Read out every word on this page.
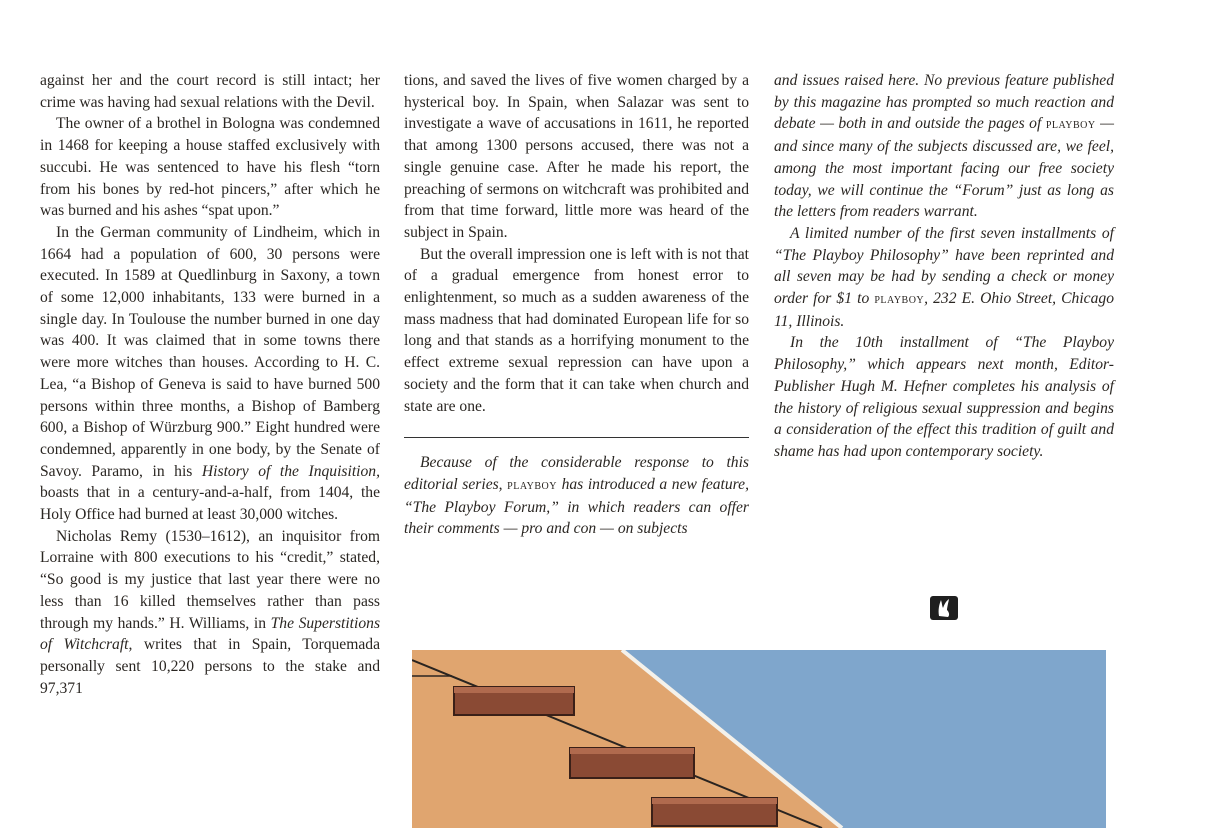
against her and the court record is still intact; her crime was having had sexual relations with the Devil.

The owner of a brothel in Bologna was condemned in 1468 for keeping a house staffed exclusively with succubi. He was sentenced to have his flesh “torn from his bones by red-hot pincers,” after which he was burned and his ashes “spat upon.”

In the German community of Lindheim, which in 1664 had a population of 600, 30 persons were executed. In 1589 at Quedlinburg in Saxony, a town of some 12,000 inhabitants, 133 were burned in a single day. In Toulouse the number burned in one day was 400. It was claimed that in some towns there were more witches than houses. According to H. C. Lea, “a Bishop of Geneva is said to have burned 500 persons within three months, a Bishop of Bamberg 600, a Bishop of Würzburg 900.” Eight hundred were condemned, apparently in one body, by the Senate of Savoy. Paramo, in his History of the Inquisition, boasts that in a century-and-a-half, from 1404, the Holy Office had burned at least 30,000 witches.

Nicholas Remy (1530–1612), an inquisitor from Lorraine with 800 executions to his “credit,” stated, “So good is my justice that last year there were no less than 16 killed themselves rather than pass through my hands.” H. Williams, in The Superstitions of Witchcraft, writes that in Spain, Torquemada personally sent 10,220 persons to the stake and 97,371

tions, and saved the lives of five women charged by a hysterical boy. In Spain, when Salazar was sent to investigate a wave of accusations in 1611, he reported that among 1300 persons accused, there was not a single genuine case. After he made his report, the preaching of sermons on witchcraft was prohibited and from that time forward, little more was heard of the subject in Spain.

But the overall impression one is left with is not that of a gradual emergence from honest error to enlightenment, so much as a sudden awareness of the mass madness that had dominated European life for so long and that stands as a horrifying monument to the effect extreme sexual repression can have upon a society and the form that it can take when church and state are one.

Because of the considerable response to this editorial series, playboy has introduced a new feature, “The Playboy Forum,” in which readers can offer their comments — pro and con — on subjects

and issues raised here. No previous feature published by this magazine has prompted so much reaction and debate — both in and outside the pages of playboy — and since many of the subjects discussed are, we feel, among the most important facing our free society today, we will continue the “Forum” just as long as the letters from readers warrant.

A limited number of the first seven installments of “The Playboy Philosophy” have been reprinted and all seven may be had by sending a check or money order for $1 to playboy, 232 E. Ohio Street, Chicago 11, Illinois.

In the 10th installment of “The Playboy Philosophy,” which appears next month, Editor-Publisher Hugh M. Hefner completes his analysis of the history of religious sexual suppression and begins a consideration of the effect this tradition of guilt and shame has had upon contemporary society.
